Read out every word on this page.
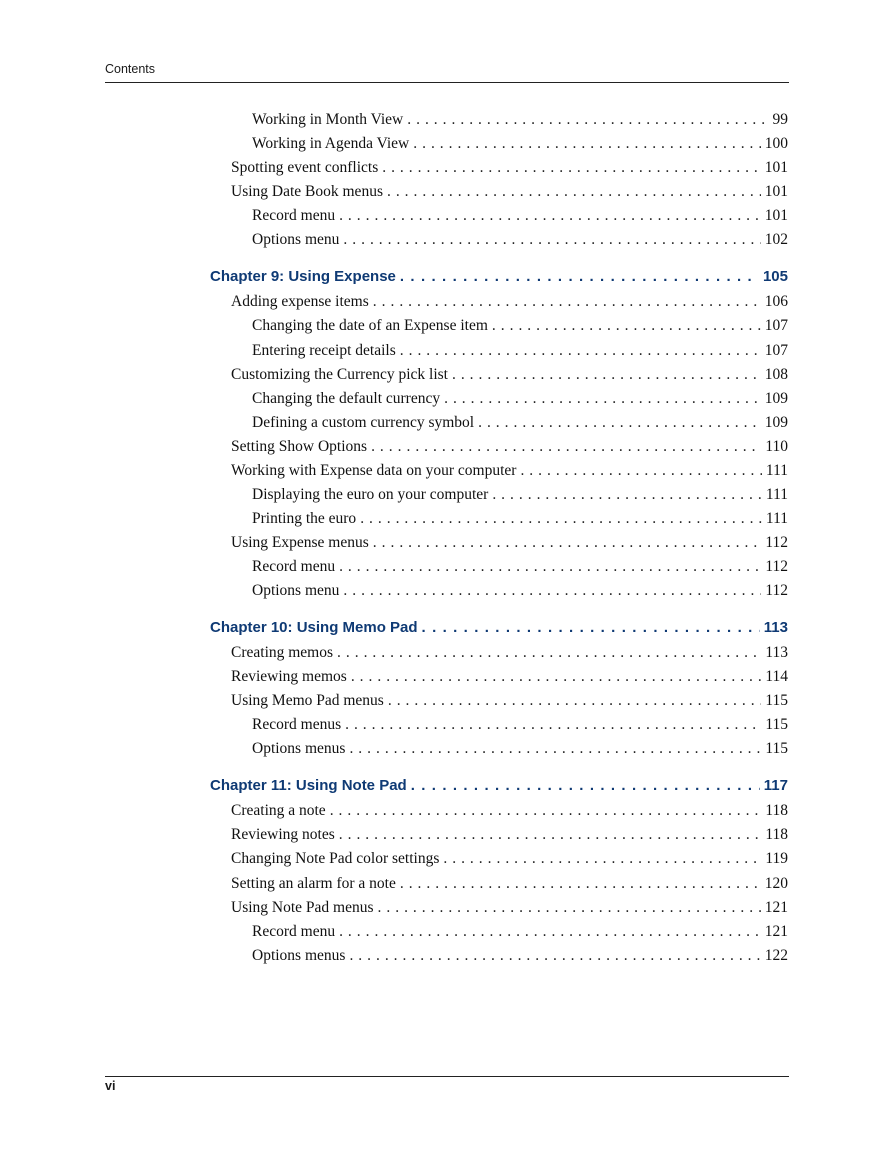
Contents
Working in Month View . . .	99
Working in Agenda View . . .	100
Spotting event conflicts . . .	101
Using Date Book menus . . .	101
Record menu . . .	101
Options menu . . .	102
Chapter 9: Using Expense . . .	105
Adding expense items . . .	106
Changing the date of an Expense item . . .	107
Entering receipt details . . .	107
Customizing the Currency pick list . . .	108
Changing the default currency . . .	109
Defining a custom currency symbol . . .	109
Setting Show Options . . .	110
Working with Expense data on your computer . . .	111
Displaying the euro on your computer . . .	111
Printing the euro . . .	111
Using Expense menus . . .	112
Record menu . . .	112
Options menu . . .	112
Chapter 10: Using Memo Pad . . .	113
Creating memos . . .	113
Reviewing memos . . .	114
Using Memo Pad menus . . .	115
Record menus . . .	115
Options menus . . .	115
Chapter 11: Using Note Pad . . .	117
Creating a note . . .	118
Reviewing notes . . .	118
Changing Note Pad color settings . . .	119
Setting an alarm for a note . . .	120
Using Note Pad menus . . .	121
Record menu . . .	121
Options menus . . .	122
vi
